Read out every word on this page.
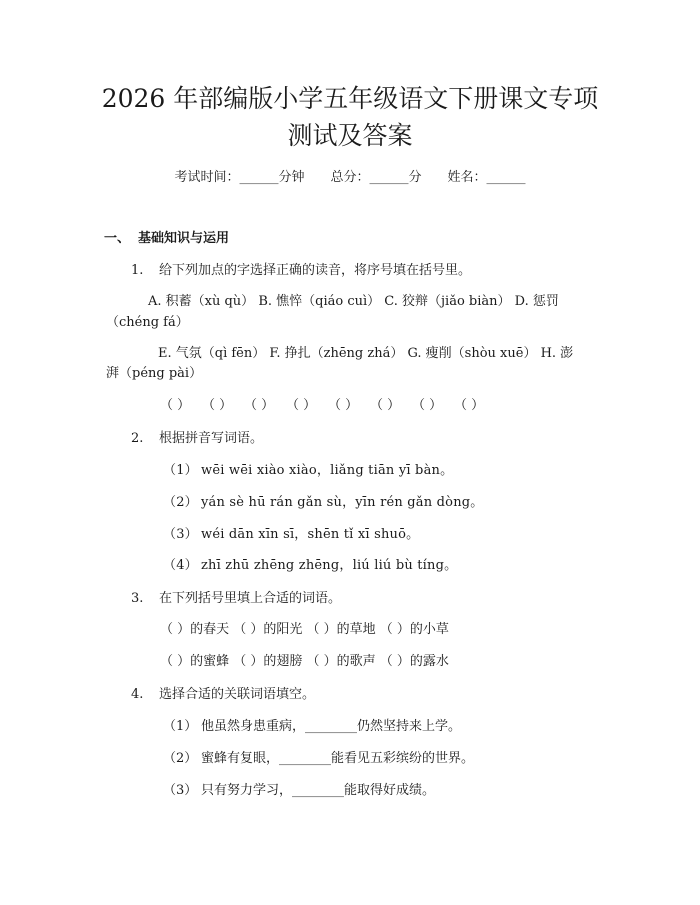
2026 年部编版小学五年级语文下册课文专项
测试及答案
考试时间：______分钟 总分：______分 姓名：______
一、 基础知识与运用
1. 给下列加点的字选择正确的读音，将序号填在括号里。
A. 积蓄（xù qù） B. 憔悴（qiáo cuì） C. 狡辩（jiǎo biàn） D. 惩罚
（chéng fá）
E. 气氛（qì fēn） F. 挣扎（zhēng zhá） G. 瘦削（shòu xuē） H. 澎
湃（péng pài）
（ ） （ ） （ ） （ ） （ ） （ ） （ ） （ ）
2. 根据拼音写词语。
（1） wēi wēi xiào xiào，liǎng tiān yī bàn。
（2） yán sè hū rán gǎn sù，yīn rén gǎn dòng。
（3） wéi dān xīn sī，shēn tǐ xī shuō。
（4） zhī zhū zhēng zhēng，liú liú bù tíng。
3. 在下列括号里填上合适的词语。
（ ）的春天 （ ）的阳光 （ ）的草地 （ ）的小草
（ ）的蜜蜂 （ ）的翅膀 （ ）的歌声 （ ）的露水
4. 选择合适的关联词语填空。
（1） 他虽然身患重病，________仍然坚持来上学。
（2） 蜜蜂有复眼，________能看见五彩缤纷的世界。
（3） 只有努力学习，________能取得好成绩。
